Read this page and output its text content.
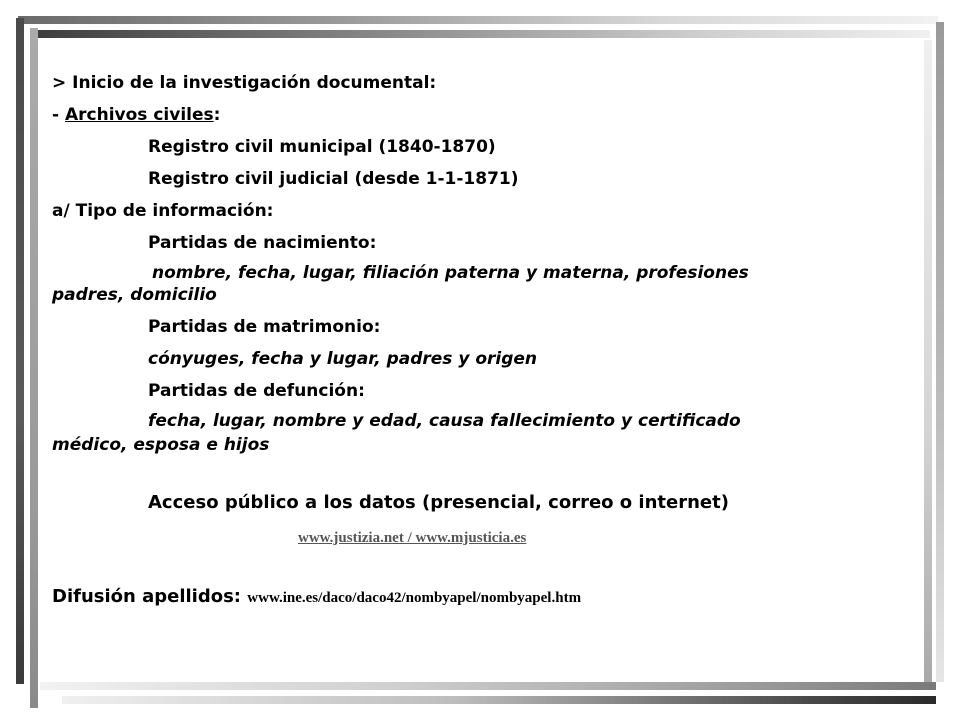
> Inicio de la investigación documental:
- Archivos civiles:
Registro civil municipal (1840-1870)
Registro civil judicial (desde 1-1-1871)
a/ Tipo de información:
Partidas de nacimiento:
nombre, fecha, lugar, filiación paterna y materna, profesiones
padres, domicilio
Partidas de matrimonio:
cónyuges, fecha y lugar, padres y origen
Partidas de defunción:
fecha, lugar, nombre y edad, causa fallecimiento y certificado
médico, esposa e hijos
Acceso público a los datos (presencial, correo o internet)
www.justizia.net / www.mjusticia.es
Difusión apellidos: www.ine.es/daco/daco42/nombyapel/nombyapel.htm
